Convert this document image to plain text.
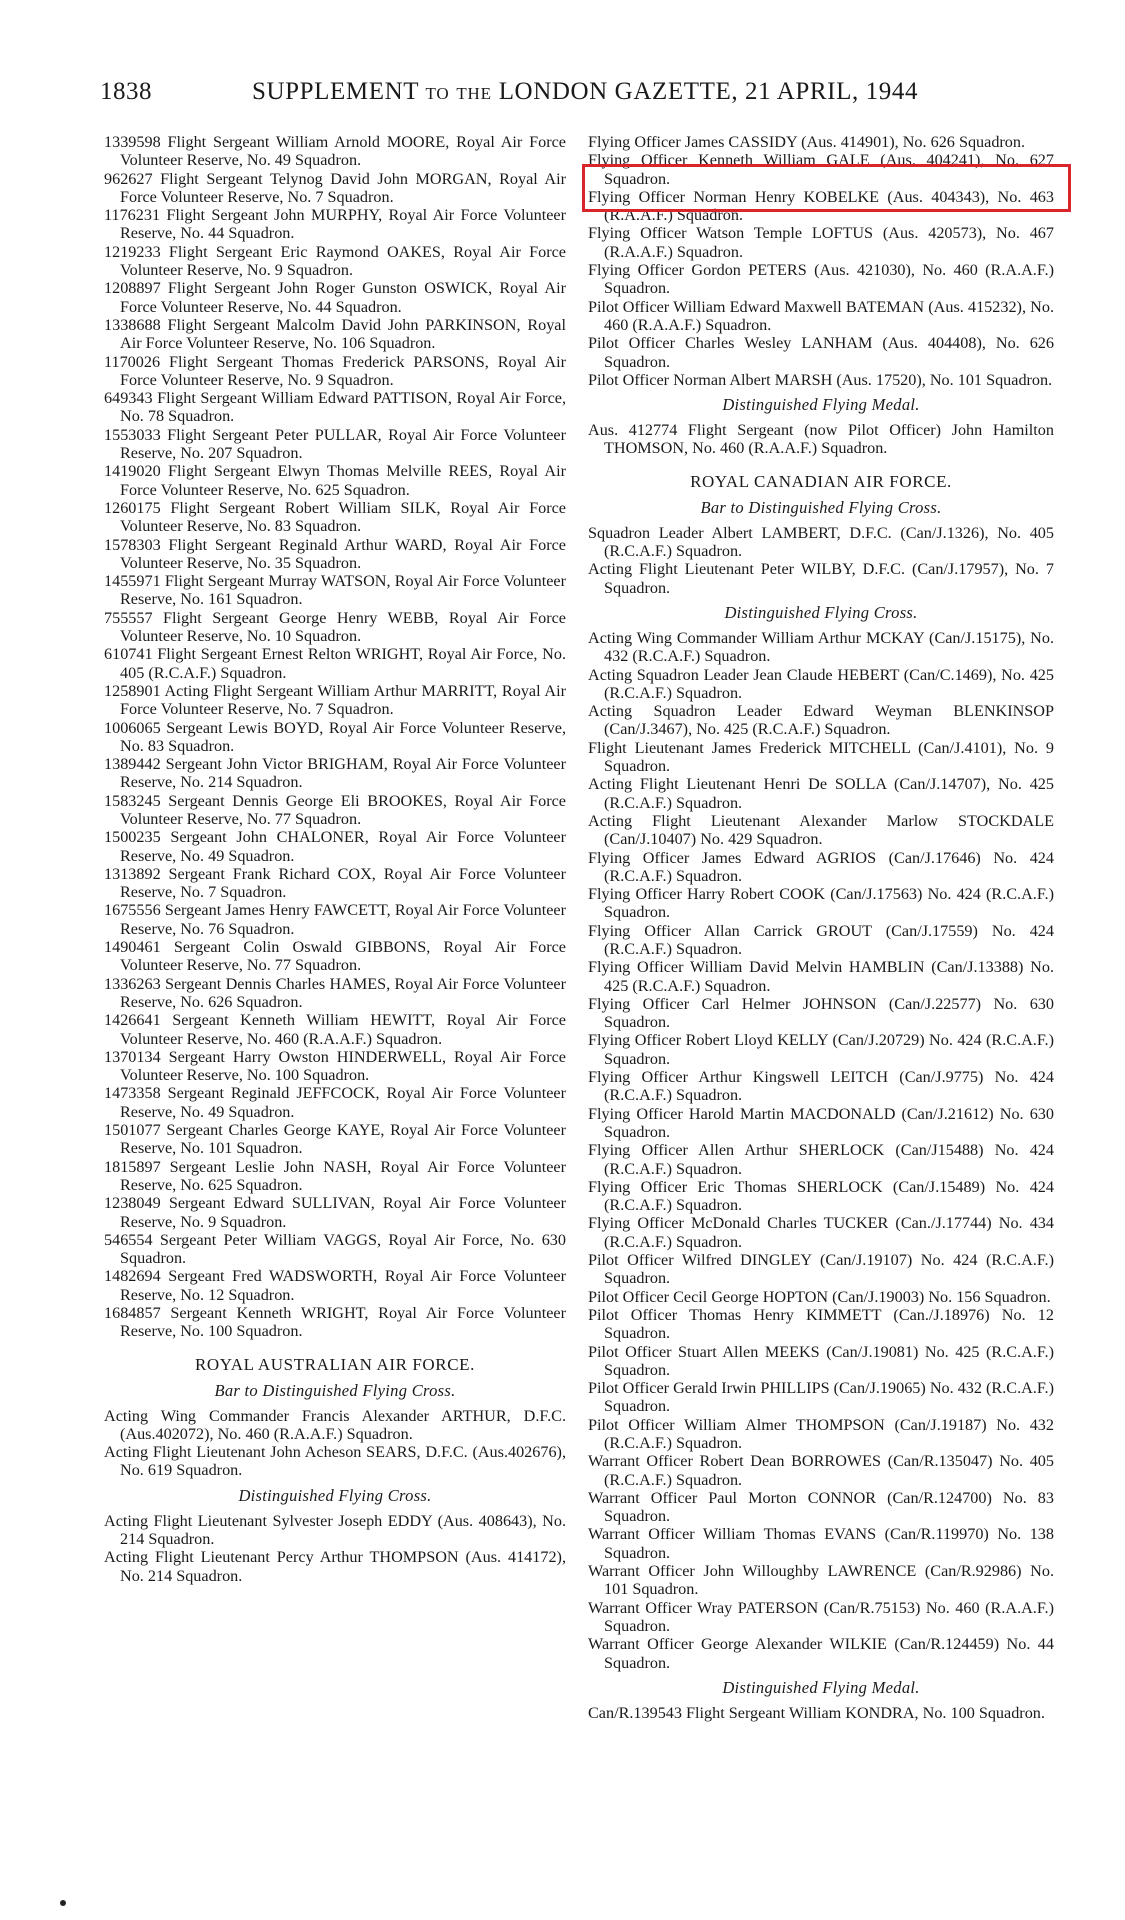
1838	SUPPLEMENT TO THE LONDON GAZETTE, 21 APRIL, 1944

1339598 Flight Sergeant William Arnold MOORE, Royal Air Force Volunteer Reserve, No. 49 Squadron.

962627 Flight Sergeant Telynog David John MORGAN, Royal Air Force Volunteer Reserve, No. 7 Squadron.

1176231 Flight Sergeant John MURPHY, Royal Air Force Volunteer Reserve, No. 44 Squadron.

1219233 Flight Sergeant Eric Raymond OAKES, Royal Air Force Volunteer Reserve, No. 9 Squadron.

1208897 Flight Sergeant John Roger Gunston OSWICK, Royal Air Force Volunteer Reserve, No. 44 Squadron.

1338688 Flight Sergeant Malcolm David John PARKINSON, Royal Air Force Volunteer Reserve, No. 106 Squadron.

1170026 Flight Sergeant Thomas Frederick PARSONS, Royal Air Force Volunteer Reserve, No. 9 Squadron.

649343 Flight Sergeant William Edward PATTISON, Royal Air Force, No. 78 Squadron.

1553033 Flight Sergeant Peter PULLAR, Royal Air Force Volunteer Reserve, No. 207 Squadron.

1419020 Flight Sergeant Elwyn Thomas Melville REES, Royal Air Force Volunteer Reserve, No. 625 Squadron.

1260175 Flight Sergeant Robert William SILK, Royal Air Force Volunteer Reserve, No. 83 Squadron.

1578303 Flight Sergeant Reginald Arthur WARD, Royal Air Force Volunteer Reserve, No. 35 Squadron.

1455971 Flight Sergeant Murray WATSON, Royal Air Force Volunteer Reserve, No. 161 Squadron.

755557 Flight Sergeant George Henry WEBB, Royal Air Force Volunteer Reserve, No. 10 Squadron.

610741 Flight Sergeant Ernest Relton WRIGHT, Royal Air Force, No. 405 (R.C.A.F.) Squadron.

1258901 Acting Flight Sergeant William Arthur MARRITT, Royal Air Force Volunteer Reserve, No. 7 Squadron.

1006065 Sergeant Lewis BOYD, Royal Air Force Volunteer Reserve, No. 83 Squadron.

1389442 Sergeant John Victor BRIGHAM, Royal Air Force Volunteer Reserve, No. 214 Squadron.

1583245 Sergeant Dennis George Eli BROOKES, Royal Air Force Volunteer Reserve, No. 77 Squadron.

1500235 Sergeant John CHALONER, Royal Air Force Volunteer Reserve, No. 49 Squadron.

1313892 Sergeant Frank Richard COX, Royal Air Force Volunteer Reserve, No. 7 Squadron.

1675556 Sergeant James Henry FAWCETT, Royal Air Force Volunteer Reserve, No. 76 Squadron.

1490461 Sergeant Colin Oswald GIBBONS, Royal Air Force Volunteer Reserve, No. 77 Squadron.

1336263 Sergeant Dennis Charles HAMES, Royal Air Force Volunteer Reserve, No. 626 Squadron.

1426641 Sergeant Kenneth William HEWITT, Royal Air Force Volunteer Reserve, No. 460 (R.A.A.F.) Squadron.

1370134 Sergeant Harry Owston HINDERWELL, Royal Air Force Volunteer Reserve, No. 100 Squadron.

1473358 Sergeant Reginald JEFFCOCK, Royal Air Force Volunteer Reserve, No. 49 Squadron.

1501077 Sergeant Charles George KAYE, Royal Air Force Volunteer Reserve, No. 101 Squadron.

1815897 Sergeant Leslie John NASH, Royal Air Force Volunteer Reserve, No. 625 Squadron.

1238049 Sergeant Edward SULLIVAN, Royal Air Force Volunteer Reserve, No. 9 Squadron.

546554 Sergeant Peter William VAGGS, Royal Air Force, No. 630 Squadron.

1482694 Sergeant Fred WADSWORTH, Royal Air Force Volunteer Reserve, No. 12 Squadron.

1684857 Sergeant Kenneth WRIGHT, Royal Air Force Volunteer Reserve, No. 100 Squadron.

ROYAL AUSTRALIAN AIR FORCE.
Bar to Distinguished Flying Cross.

Acting Wing Commander Francis Alexander ARTHUR, D.F.C. (Aus.402072), No. 460 (R.A.A.F.) Squadron.

Acting Flight Lieutenant John Acheson SEARS, D.F.C. (Aus.402676), No. 619 Squadron.

Distinguished Flying Cross.

Acting Flight Lieutenant Sylvester Joseph EDDY (Aus. 408643), No. 214 Squadron.

Acting Flight Lieutenant Percy Arthur THOMPSON (Aus. 414172), No. 214 Squadron.

Flying Officer James CASSIDY (Aus. 414901), No. 626 Squadron.

Flying Officer Kenneth William GALE (Aus. 404241), No. 627 Squadron.

Flying Officer Norman Henry KOBELKE (Aus. 404343), No. 463 (R.A.A.F.) Squadron.

Flying Officer Watson Temple LOFTUS (Aus. 420573), No. 467 (R.A.A.F.) Squadron.

Flying Officer Gordon PETERS (Aus. 421030), No. 460 (R.A.A.F.) Squadron.

Pilot Officer William Edward Maxwell BATEMAN (Aus. 415232), No. 460 (R.A.A.F.) Squadron.

Pilot Officer Charles Wesley LANHAM (Aus. 404408), No. 626 Squadron.

Pilot Officer Norman Albert MARSH (Aus. 17520), No. 101 Squadron.

Distinguished Flying Medal.

Aus. 412774 Flight Sergeant (now Pilot Officer) John Hamilton THOMSON, No. 460 (R.A.A.F.) Squadron.

ROYAL CANADIAN AIR FORCE.
Bar to Distinguished Flying Cross.

Squadron Leader Albert LAMBERT, D.F.C. (Can/J.1326), No. 405 (R.C.A.F.) Squadron.

Acting Flight Lieutenant Peter WILBY, D.F.C. (Can/J.17957), No. 7 Squadron.

Distinguished Flying Cross.

Acting Wing Commander William Arthur MCKAY (Can/J.15175), No. 432 (R.C.A.F.) Squadron.

Acting Squadron Leader Jean Claude HEBERT (Can/C.1469), No. 425 (R.C.A.F.) Squadron.

Acting Squadron Leader Edward Weyman BLENKINSOP (Can/J.3467), No. 425 (R.C.A.F.) Squadron.

Flight Lieutenant James Frederick MITCHELL (Can/J.4101), No. 9 Squadron.

Acting Flight Lieutenant Henri De SOLLA (Can/J.14707), No. 425 (R.C.A.F.) Squadron.

Acting Flight Lieutenant Alexander Marlow STOCKDALE (Can/J.10407) No. 429 Squadron.

Flying Officer James Edward AGRIOS (Can/J.17646) No. 424 (R.C.A.F.) Squadron.

Flying Officer Harry Robert COOK (Can/J.17563) No. 424 (R.C.A.F.) Squadron.

Flying Officer Allan Carrick GROUT (Can/J.17559) No. 424 (R.C.A.F.) Squadron.

Flying Officer William David Melvin HAMBLIN (Can/J.13388) No. 425 (R.C.A.F.) Squadron.

Flying Officer Carl Helmer JOHNSON (Can/J.22577) No. 630 Squadron.

Flying Officer Robert Lloyd KELLY (Can/J.20729) No. 424 (R.C.A.F.) Squadron.

Flying Officer Arthur Kingswell LEITCH (Can/J.9775) No. 424 (R.C.A.F.) Squadron.

Flying Officer Harold Martin MACDONALD (Can/J.21612) No. 630 Squadron.

Flying Officer Allen Arthur SHERLOCK (Can/J15488) No. 424 (R.C.A.F.) Squadron.

Flying Officer Eric Thomas SHERLOCK (Can/J.15489) No. 424 (R.C.A.F.) Squadron.

Flying Officer McDonald Charles TUCKER (Can./J.17744) No. 434 (R.C.A.F.) Squadron.

Pilot Officer Wilfred DINGLEY (Can/J.19107) No. 424 (R.C.A.F.) Squadron.

Pilot Officer Cecil George HOPTON (Can/J.19003) No. 156 Squadron.

Pilot Officer Thomas Henry KIMMETT (Can./J.18976) No. 12 Squadron.

Pilot Officer Stuart Allen MEEKS (Can/J.19081) No. 425 (R.C.A.F.) Squadron.

Pilot Officer Gerald Irwin PHILLIPS (Can/J.19065) No. 432 (R.C.A.F.) Squadron.

Pilot Officer William Almer THOMPSON (Can/J.19187) No. 432 (R.C.A.F.) Squadron.

Warrant Officer Robert Dean BORROWES (Can/R.135047) No. 405 (R.C.A.F.) Squadron.

Warrant Officer Paul Morton CONNOR (Can/R.124700) No. 83 Squadron.

Warrant Officer William Thomas EVANS (Can/R.119970) No. 138 Squadron.

Warrant Officer John Willoughby LAWRENCE (Can/R.92986) No. 101 Squadron.

Warrant Officer Wray PATERSON (Can/R.75153) No. 460 (R.A.A.F.) Squadron.

Warrant Officer George Alexander WILKIE (Can/R.124459) No. 44 Squadron.

Distinguished Flying Medal.

Can/R.139543 Flight Sergeant William KONDRA, No. 100 Squadron.
